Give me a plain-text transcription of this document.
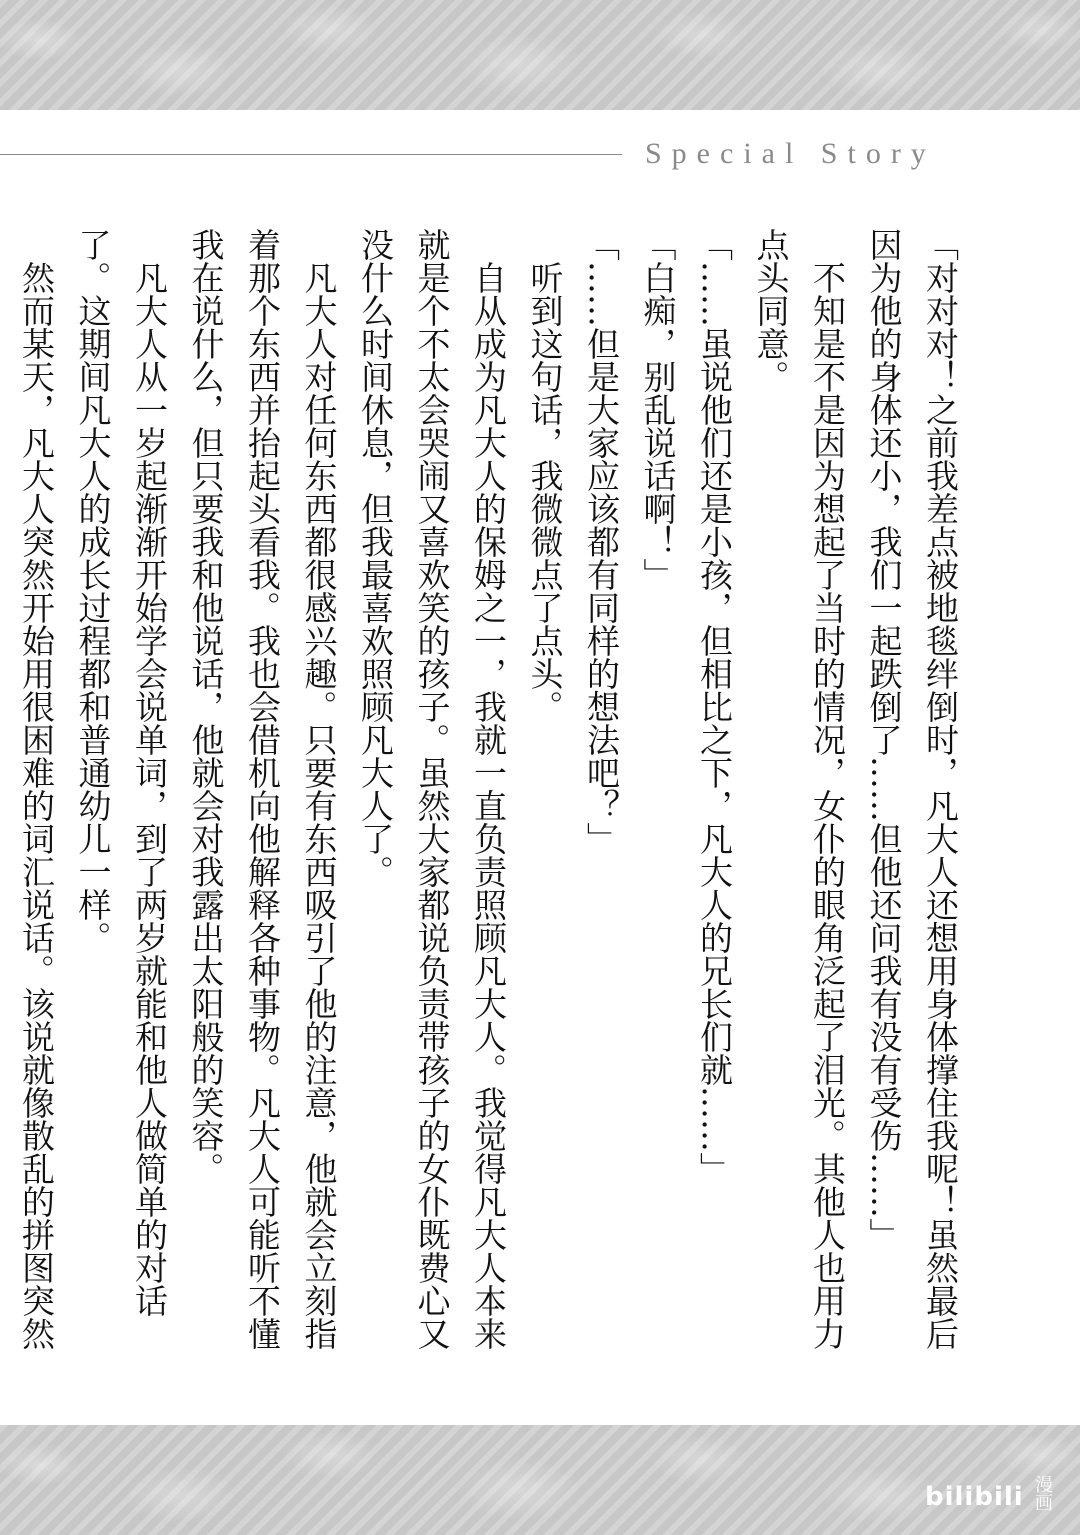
Special Story

「对对对！之前我差点被地毯绊倒时，凡大人还想用身体撑住我呢！虽然最后因为他的身体还小，我们一起跌倒了……但他还问我有没有受伤……」

不知是不是因为想起了当时的情况，女仆的眼角泛起了泪光。其他人也用力点头同意。

「……虽说他们还是小孩，但相比之下，凡大人的兄长们就……」

「白痴，别乱说话啊！」

「……但是大家应该都有同样的想法吧？」

听到这句话，我微微点了点头。

自从成为凡大人的保姆之一，我就一直负责照顾凡大人。我觉得凡大人本来就是个不太会哭闹又喜欢笑的孩子。虽然大家都说负责带孩子的女仆既费心又没什么时间休息，但我最喜欢照顾凡大人了。

凡大人对任何东西都很感兴趣。只要有东西吸引了他的注意，他就会立刻指着那个东西并抬起头看我。我也会借机向他解释各种事物。凡大人可能听不懂我在说什么，但只要我和他说话，他就会对我露出太阳般的笑容。

凡大人从一岁起渐渐开始学会说单词，到了两岁就能和他人做简单的对话了。这期间凡大人的成长过程都和普通幼儿一样。

然而某天，凡大人突然开始用很困难的词汇说话。该说就像散乱的拼图突然

bilibili 漫画
